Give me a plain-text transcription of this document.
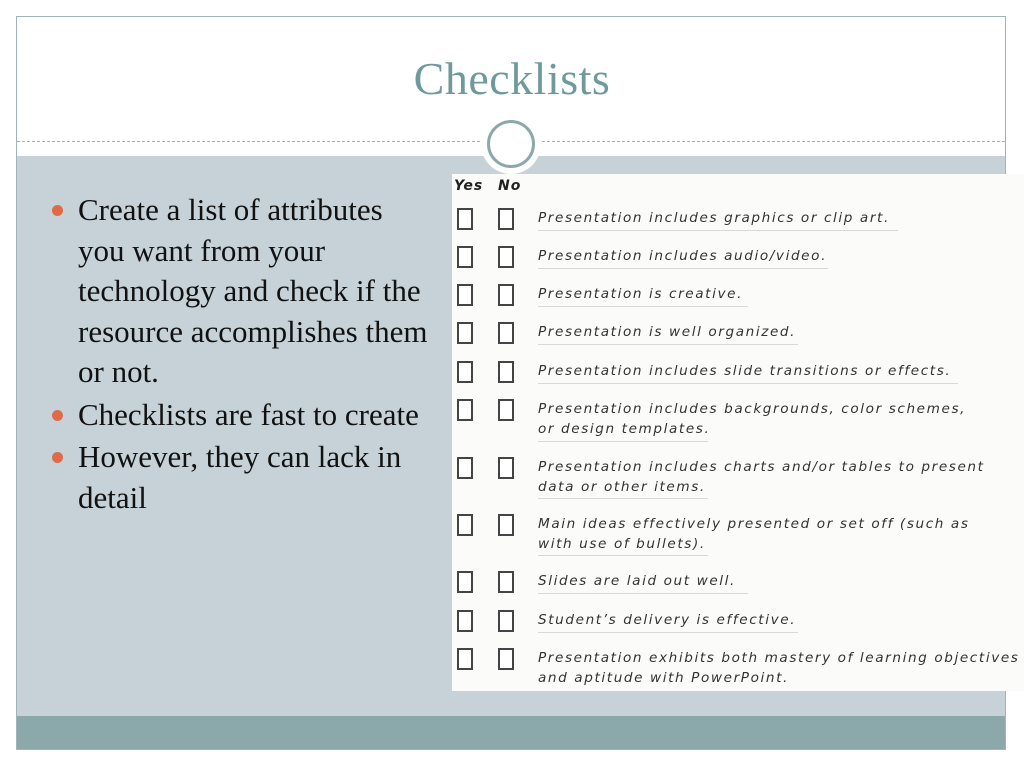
Checklists
Create a list of attributes you want from your technology and check if the resource accomplishes them or not.
Checklists are fast to create
However, they can lack in detail
Yes No
Presentation includes graphics or clip art.
Presentation includes audio/video.
Presentation is creative.
Presentation is well organized.
Presentation includes slide transitions or effects.
Presentation includes backgrounds, color schemes,
or design templates.
Presentation includes charts and/or tables to present
data or other items.
Main ideas effectively presented or set off (such as
with use of bullets).
Slides are laid out well.
Student’s delivery is effective.
Presentation exhibits both mastery of learning objectives
and aptitude with PowerPoint.
